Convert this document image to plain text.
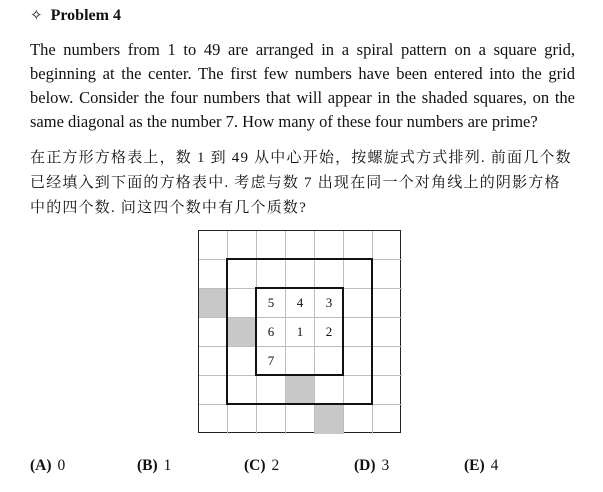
✧ Problem 4
The numbers from 1 to 49 are arranged in a spiral pattern on a square grid, beginning at the center. The first few numbers have been entered into the grid below. Consider the four numbers that will appear in the shaded squares, on the same diagonal as the number 7. How many of these four numbers are prime?
在正方形方格表上，数 1 到 49 从中心开始，按螺旋式方式排列. 前面几个数已经填入到下面的方格表中. 考虑与数 7 出现在同一个对角线上的阴影方格中的四个数. 问这四个数中有几个质数?
5	4	3
6	1	2
7
(A) 0	(B) 1	(C) 2	(D) 3	(E) 4
